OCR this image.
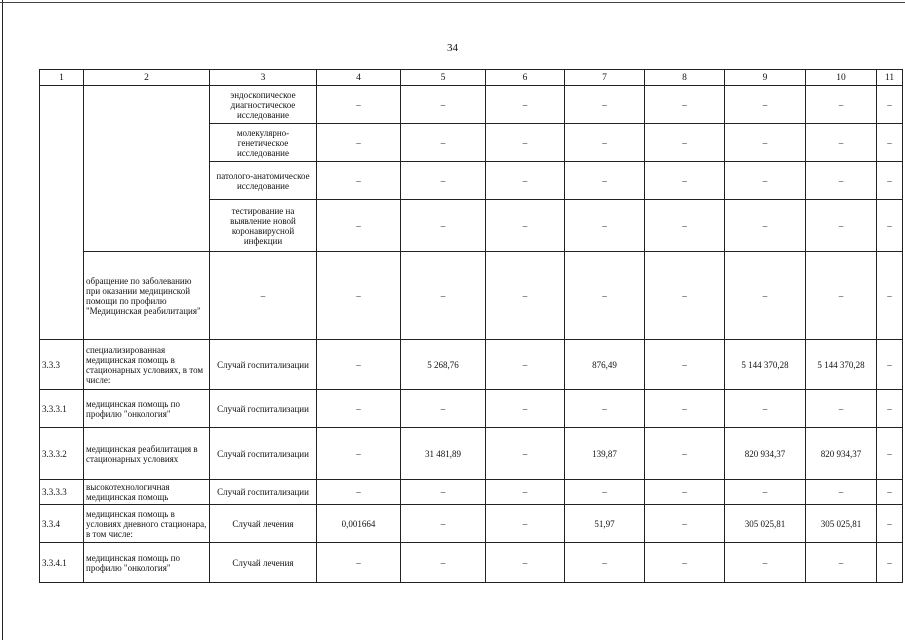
34
1	2	3	4	5	6	7	8	9	10	11
		эндоскопическое диагностическое исследование	–	–	–	–	–	–	–	–
		молекулярно-генетическое исследование	–	–	–	–	–	–	–	–
		патолого-анатомическое исследование	–	–	–	–	–	–	–	–
		тестирование на выявление новой коронавирусной инфекции	–	–	–	–	–	–	–	–
	обращение по заболеванию при оказании медицинской помощи по профилю "Медицинская реабилитация"	–	–	–	–	–	–	–	–	–
3.3.3	специализированная медицинская помощь в стационарных условиях, в том числе:	Случай госпитализации	–	5 268,76	–	876,49	–	5 144 370,28	5 144 370,28	–
3.3.3.1	медицинская помощь по профилю "онкология"	Случай госпитализации	–	–	–	–	–	–	–	–
3.3.3.2	медицинская реабилитация в стационарных условиях	Случай госпитализации	–	31 481,89	–	139,87	–	820 934,37	820 934,37	–
3.3.3.3	высокотехнологичная медицинская помощь	Случай госпитализации	–	–	–	–	–	–	–	–
3.3.4	медицинская помощь в условиях дневного стационара, в том числе:	Случай лечения	0,001664	–	–	51,97	–	305 025,81	305 025,81	–
3.3.4.1	медицинская помощь по профилю "онкология"	Случай лечения	–	–	–	–	–	–	–	–
